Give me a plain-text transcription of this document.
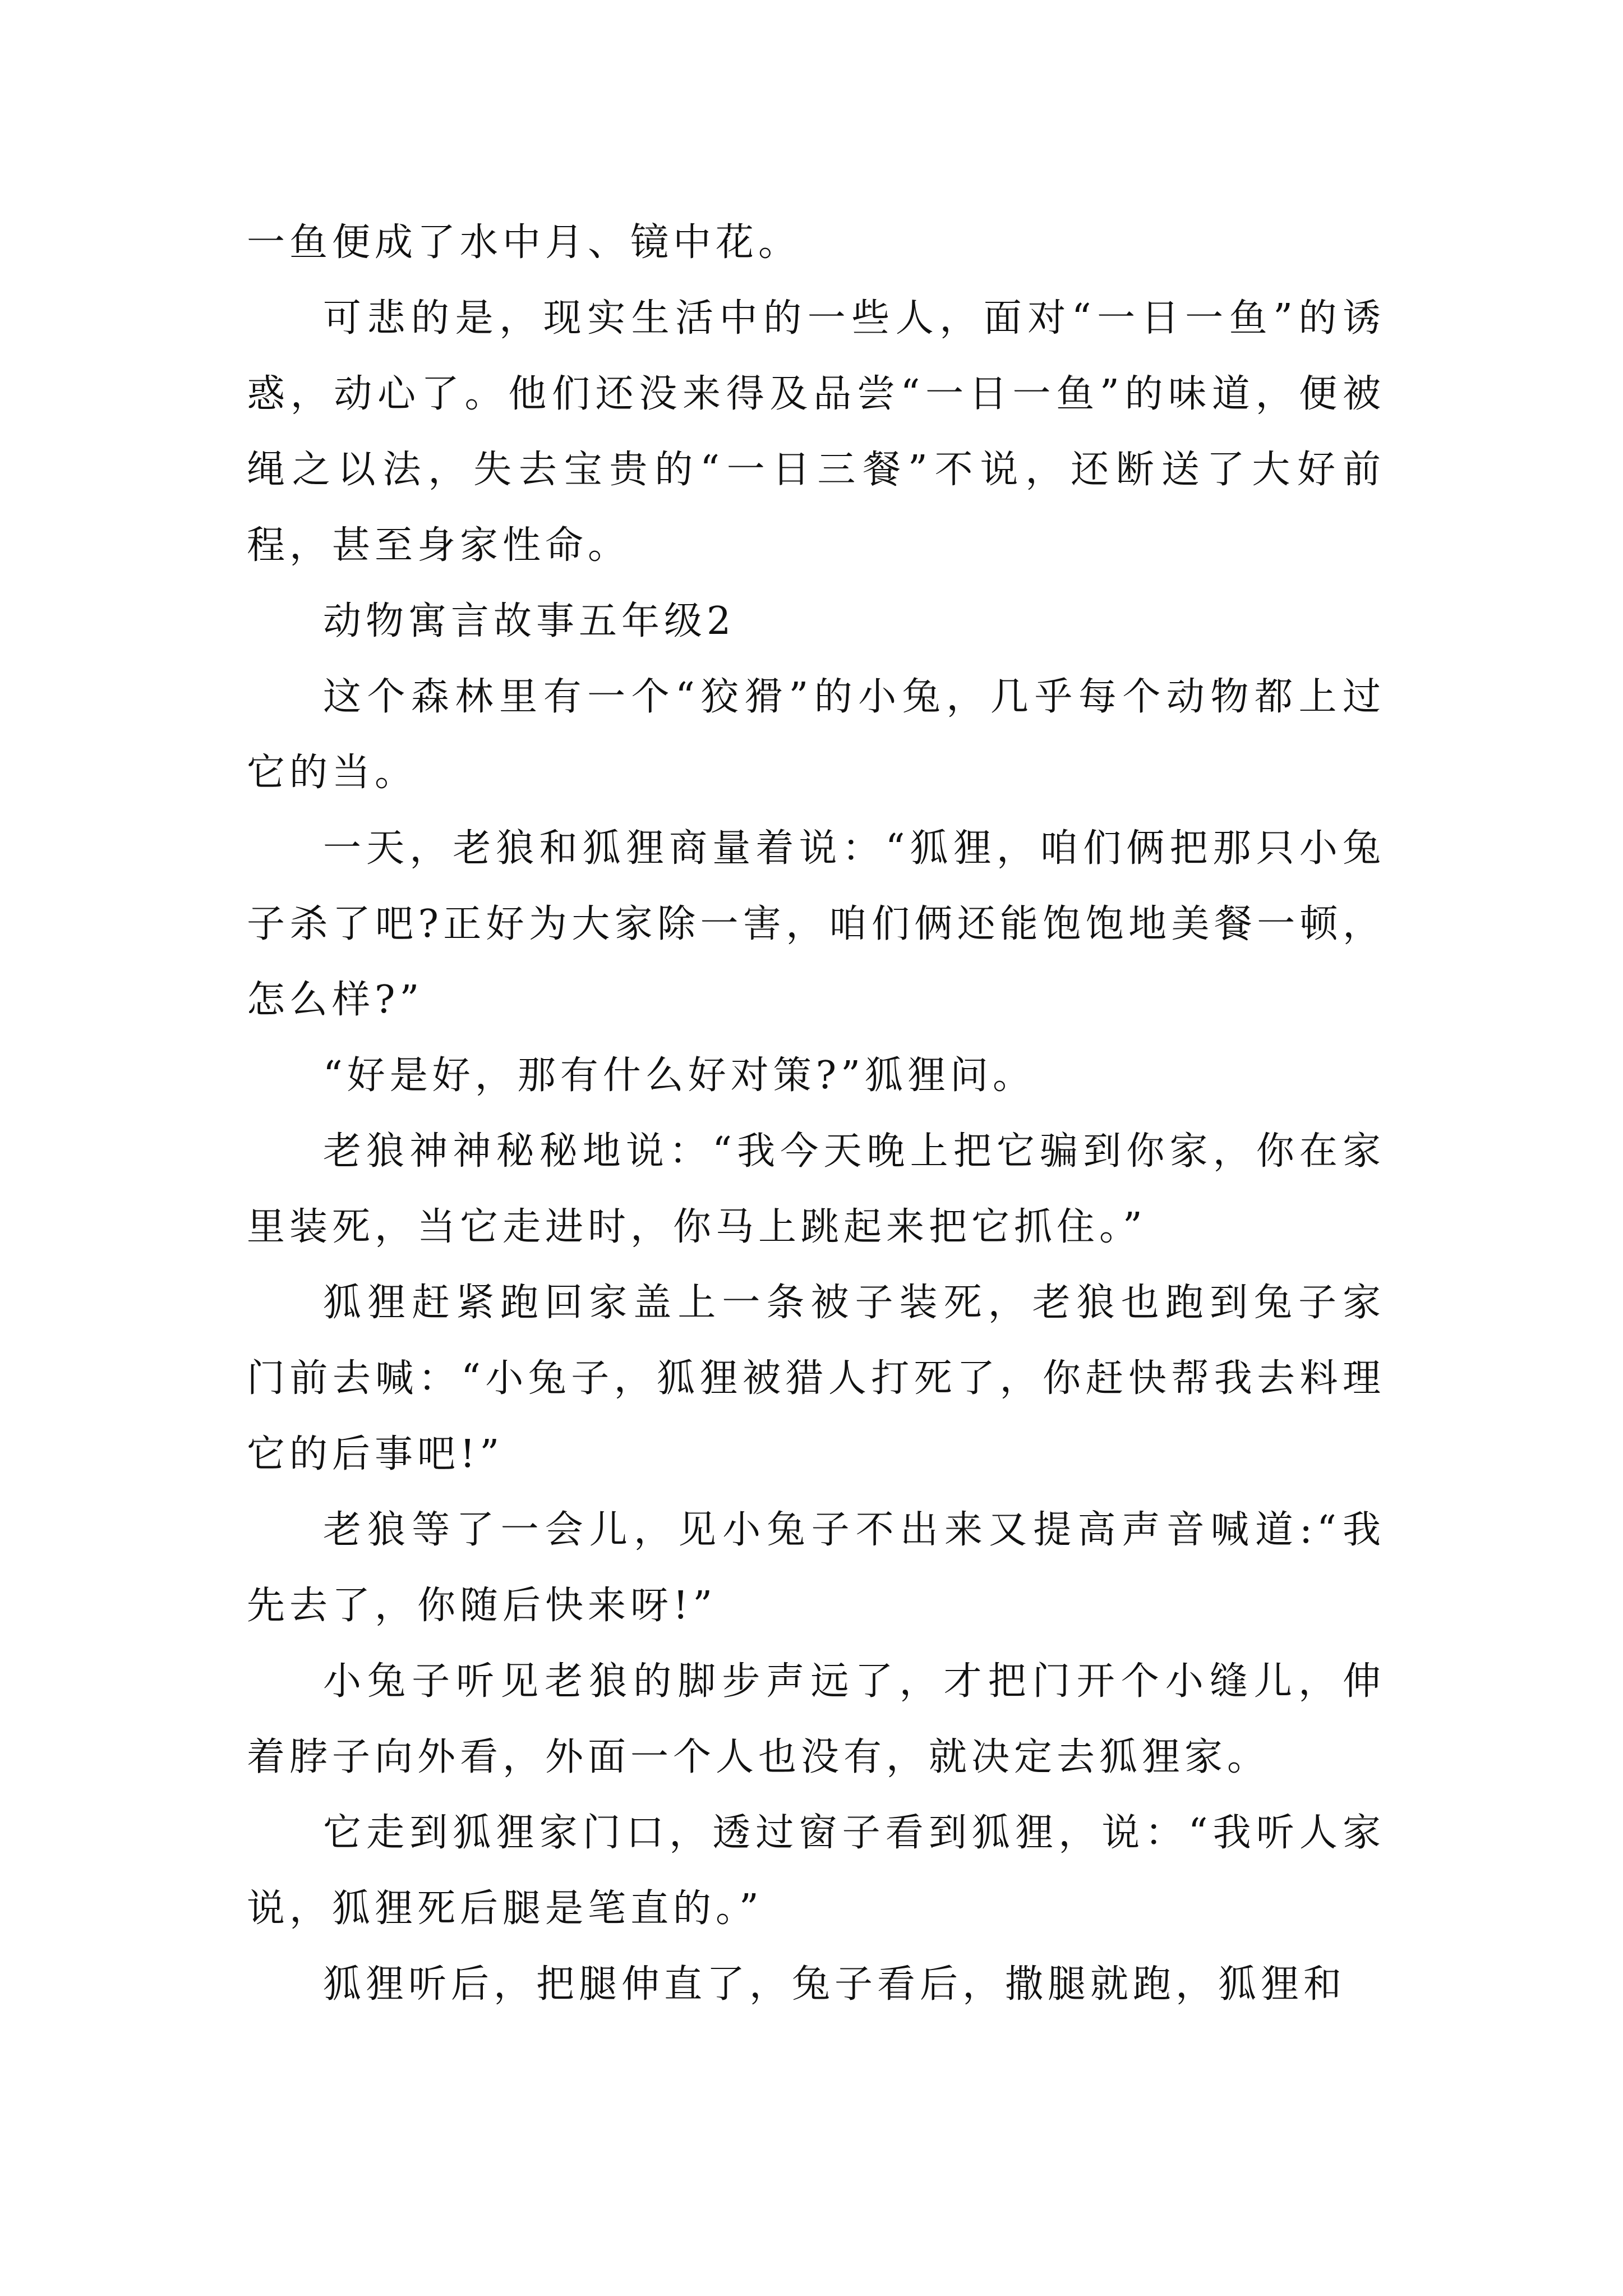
一鱼便成了水中月、镜中花。

可悲的是，现实生活中的一些人，面对“一日一鱼”的诱惑，动心了。他们还没来得及品尝“一日一鱼”的味道，便被绳之以法，失去宝贵的“一日三餐”不说，还断送了大好前程，甚至身家性命。

动物寓言故事五年级2

这个森林里有一个“狡猾”的小兔，几乎每个动物都上过它的当。

一天，老狼和狐狸商量着说：“狐狸，咱们俩把那只小兔子杀了吧?正好为大家除一害，咱们俩还能饱饱地美餐一顿，怎么样?”

“好是好，那有什么好对策?”狐狸问。

老狼神神秘秘地说：“我今天晚上把它骗到你家，你在家里装死，当它走进时，你马上跳起来把它抓住。”

狐狸赶紧跑回家盖上一条被子装死，老狼也跑到兔子家门前去喊：“小兔子，狐狸被猎人打死了，你赶快帮我去料理它的后事吧!”

老狼等了一会儿，见小兔子不出来又提高声音喊道:“我先去了，你随后快来呀!”

小兔子听见老狼的脚步声远了，才把门开个小缝儿，伸着脖子向外看，外面一个人也没有，就决定去狐狸家。

它走到狐狸家门口，透过窗子看到狐狸，说：“我听人家说，狐狸死后腿是笔直的。”

狐狸听后，把腿伸直了，兔子看后，撒腿就跑，狐狸和
